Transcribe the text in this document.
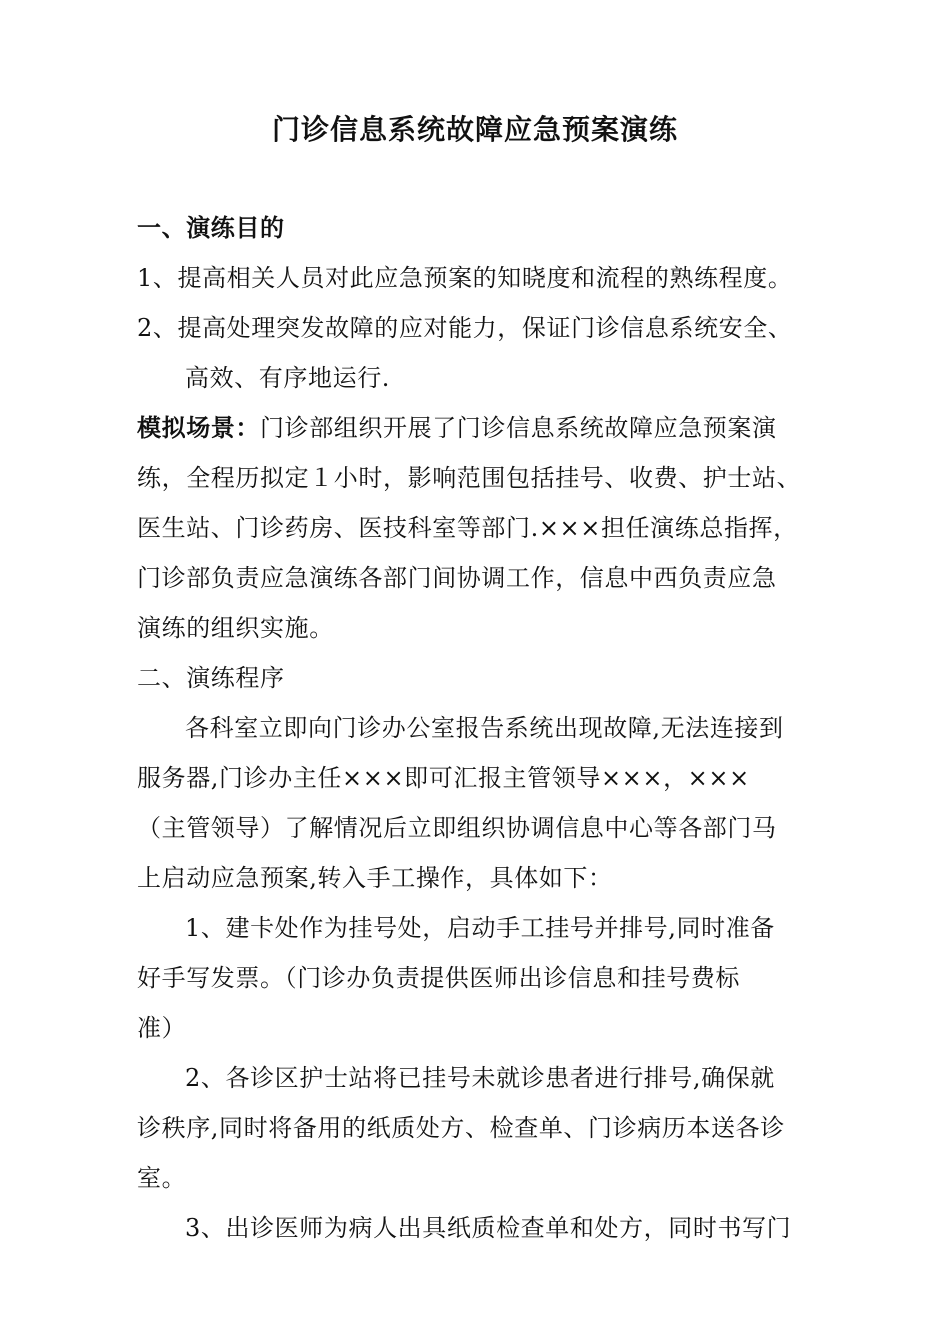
门诊信息系统故障应急预案演练
一、演练目的
1、提高相关人员对此应急预案的知晓度和流程的熟练程度。
2、提高处理突发故障的应对能力，保证门诊信息系统安全、
高效、有序地运行.
模拟场景：门诊部组织开展了门诊信息系统故障应急预案演
练，全程历拟定１小时，影响范围包括挂号、收费、护士站、
医生站、门诊药房、医技科室等部门.×××担任演练总指挥，
门诊部负责应急演练各部门间协调工作，信息中西负责应急
演练的组织实施。
二、演练程序
各科室立即向门诊办公室报告系统出现故障,无法连接到
服务器,门诊办主任×××即可汇报主管领导×××，×××
（主管领导）了解情况后立即组织协调信息中心等各部门马
上启动应急预案,转入手工操作，具体如下：
1、建卡处作为挂号处，启动手工挂号并排号,同时准备
好手写发票。（门诊办负责提供医师出诊信息和挂号费标
准）
2、各诊区护士站将已挂号未就诊患者进行排号,确保就
诊秩序,同时将备用的纸质处方、检查单、门诊病历本送各诊
室。
3、出诊医师为病人出具纸质检查单和处方，同时书写门
